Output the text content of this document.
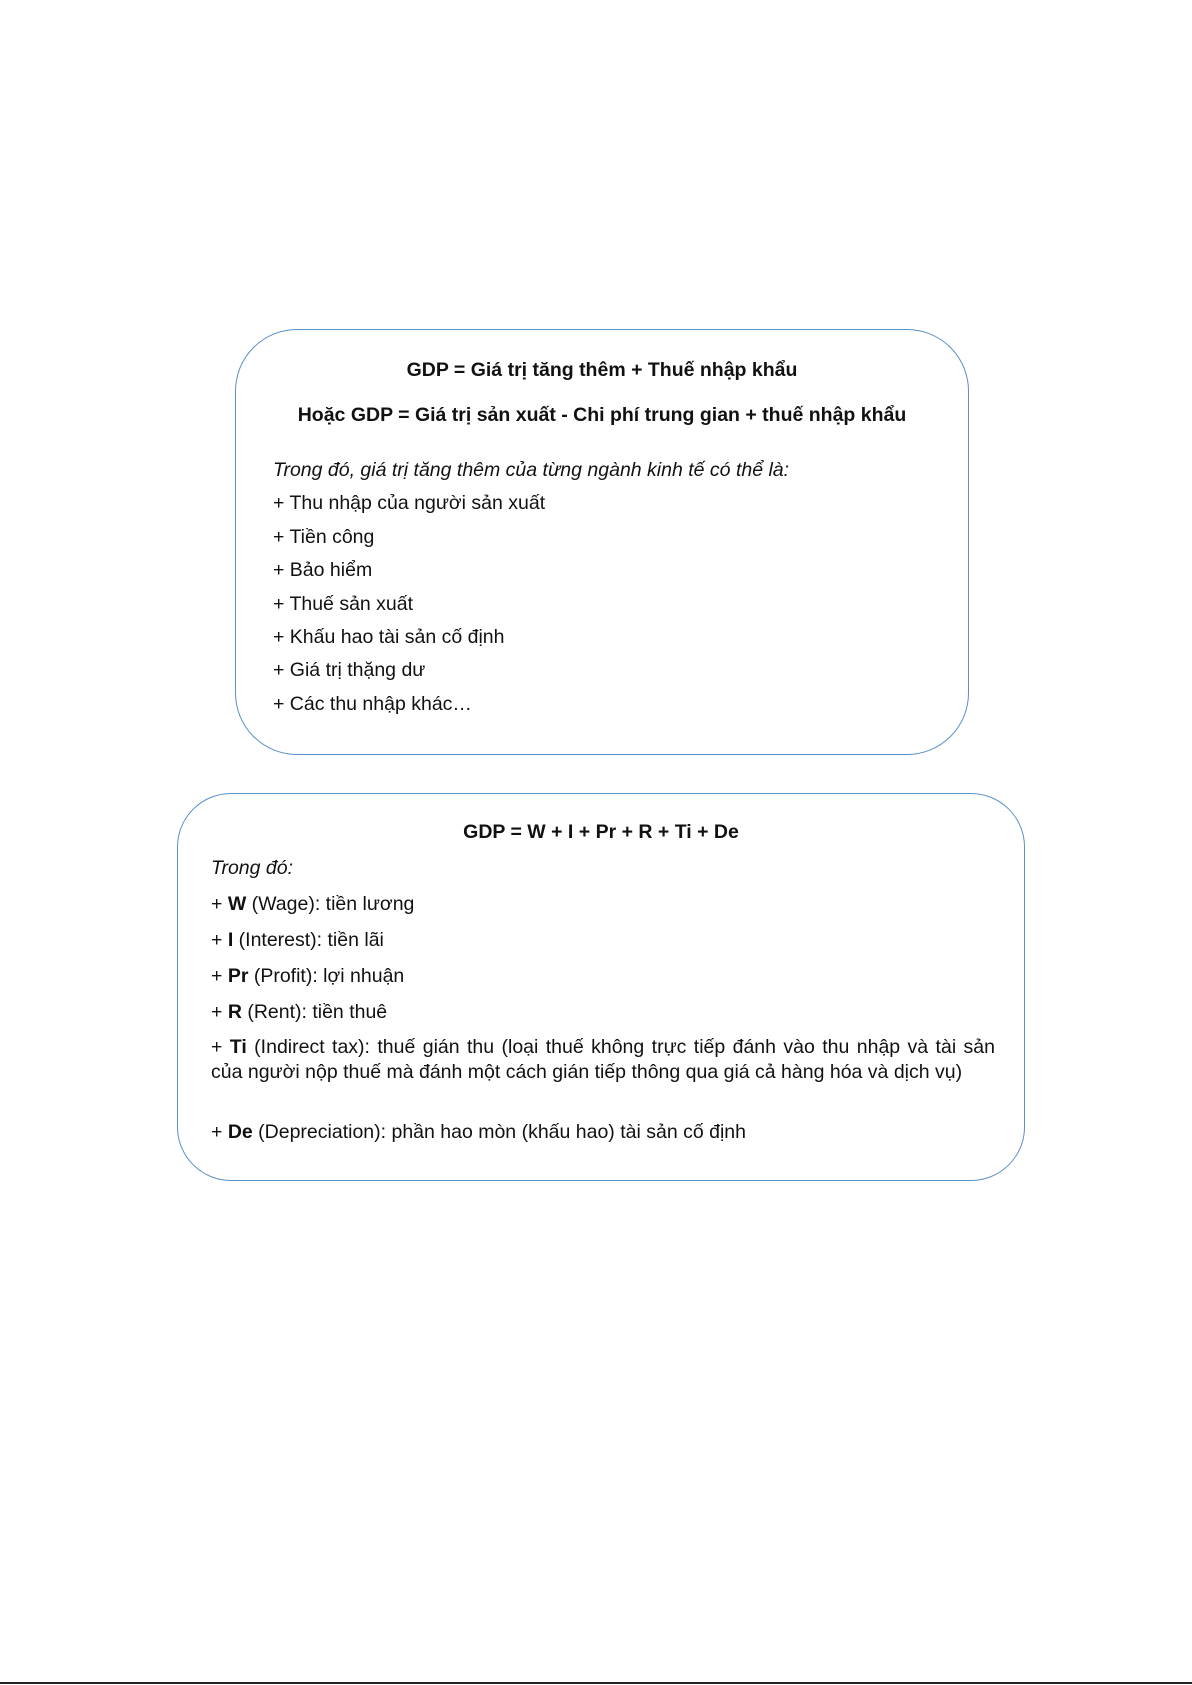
GDP = Giá trị tăng thêm + Thuế nhập khẩu
Hoặc GDP = Giá trị sản xuất - Chi phí trung gian + thuế nhập khẩu
Trong đó, giá trị tăng thêm của từng ngành kinh tế có thể là:
+ Thu nhập của người sản xuất
+ Tiền công
+ Bảo hiểm
+ Thuế sản xuất
+ Khấu hao tài sản cố định
+ Giá trị thặng dư
+ Các thu nhập khác…
GDP = W + I + Pr + R + Ti + De
Trong đó:
+ W (Wage): tiền lương
+ I (Interest): tiền lãi
+ Pr (Profit): lợi nhuận
+ R (Rent): tiền thuê
+ Ti (Indirect tax): thuế gián thu (loại thuế không trực tiếp đánh vào thu nhập và tài sản của người nộp thuế mà đánh một cách gián tiếp thông qua giá cả hàng hóa và dịch vụ)
+ De (Depreciation): phần hao mòn (khấu hao) tài sản cố định
